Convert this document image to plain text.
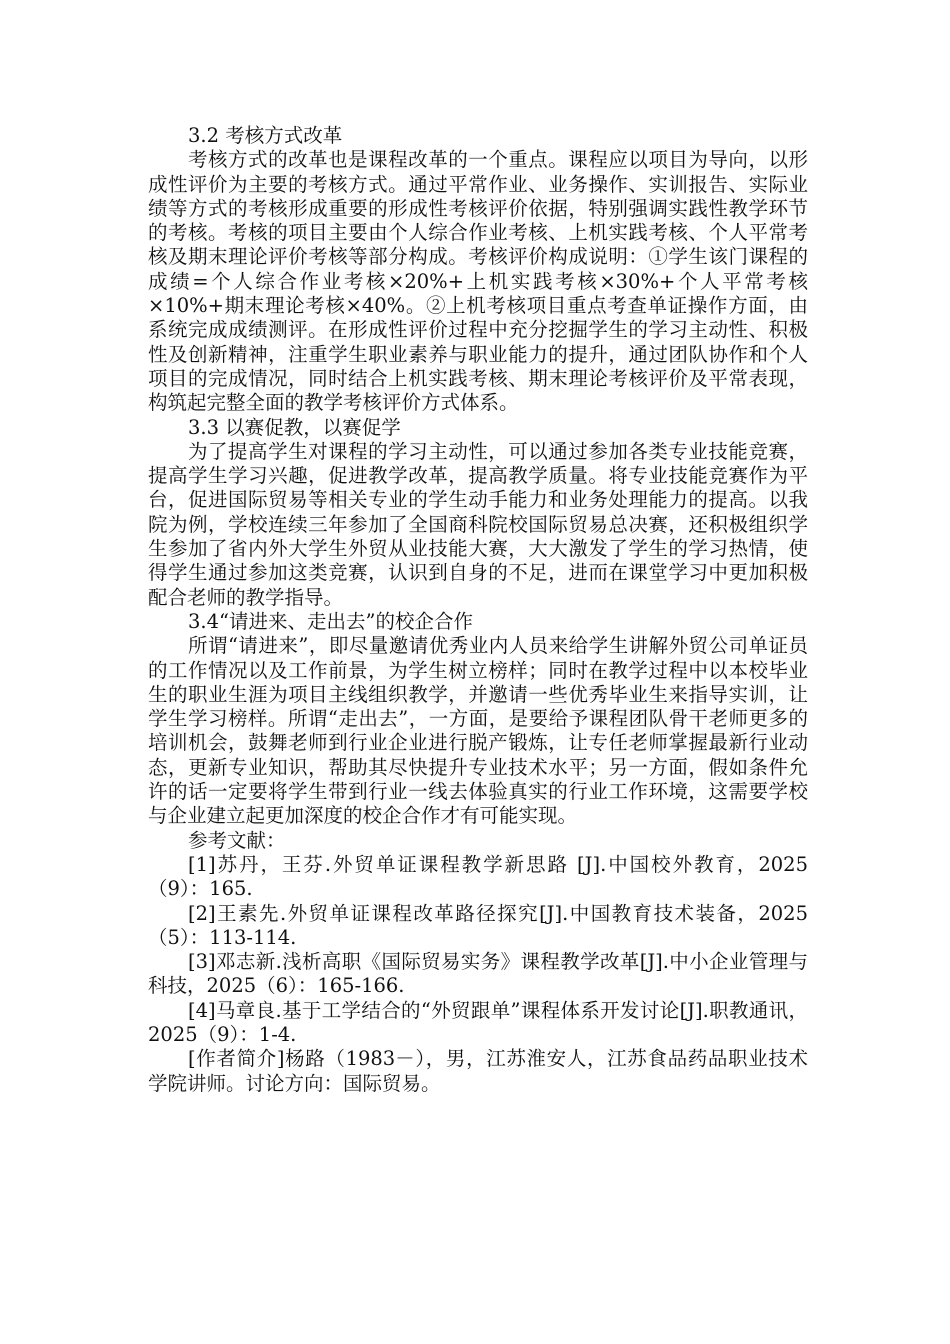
3.2 考核方式改革

考核方式的改革也是课程改革的一个重点。课程应以项目为导向，以形成性评价为主要的考核方式。通过平常作业、业务操作、实训报告、实际业绩等方式的考核形成重要的形成性考核评价依据，特别强调实践性教学环节的考核。考核的项目主要由个人综合作业考核、上机实践考核、个人平常考核及期末理论评价考核等部分构成。考核评价构成说明：①学生该门课程的成绩=个人综合作业考核×20%+上机实践考核×30%+个人平常考核×10%+期末理论考核×40%。②上机考核项目重点考查单证操作方面，由系统完成成绩测评。在形成性评价过程中充分挖掘学生的学习主动性、积极性及创新精神，注重学生职业素养与职业能力的提升，通过团队协作和个人项目的完成情况，同时结合上机实践考核、期末理论考核评价及平常表现，构筑起完整全面的教学考核评价方式体系。

3.3 以赛促教，以赛促学

为了提高学生对课程的学习主动性，可以通过参加各类专业技能竞赛，提高学生学习兴趣，促进教学改革，提高教学质量。将专业技能竞赛作为平台，促进国际贸易等相关专业的学生动手能力和业务处理能力的提高。以我院为例，学校连续三年参加了全国商科院校国际贸易总决赛，还积极组织学生参加了省内外大学生外贸从业技能大赛，大大激发了学生的学习热情，使得学生通过参加这类竞赛，认识到自身的不足，进而在课堂学习中更加积极配合老师的教学指导。

3.4“请进来、走出去”的校企合作

所谓“请进来”，即尽量邀请优秀业内人员来给学生讲解外贸公司单证员的工作情况以及工作前景，为学生树立榜样；同时在教学过程中以本校毕业生的职业生涯为项目主线组织教学，并邀请一些优秀毕业生来指导实训，让学生学习榜样。所谓“走出去”，一方面，是要给予课程团队骨干老师更多的培训机会，鼓舞老师到行业企业进行脱产锻炼，让专任老师掌握最新行业动态，更新专业知识，帮助其尽快提升专业技术水平；另一方面，假如条件允许的话一定要将学生带到行业一线去体验真实的行业工作环境，这需要学校与企业建立起更加深度的校企合作才有可能实现。

参考文献：

[1]苏丹，王芬.外贸单证课程教学新思路 [J].中国校外教育，2025（9）：165.

[2]王素先.外贸单证课程改革路径探究[J].中国教育技术装备，2025（5）：113-114.

[3]邓志新.浅析高职《国际贸易实务》课程教学改革[J].中小企业管理与科技，2025（6）：165-166.

[4]马章良.基于工学结合的“外贸跟单”课程体系开发讨论[J].职教通讯，2025（9）：1-4.

[作者简介]杨路（1983－），男，江苏淮安人，江苏食品药品职业技术学院讲师。讨论方向：国际贸易。
